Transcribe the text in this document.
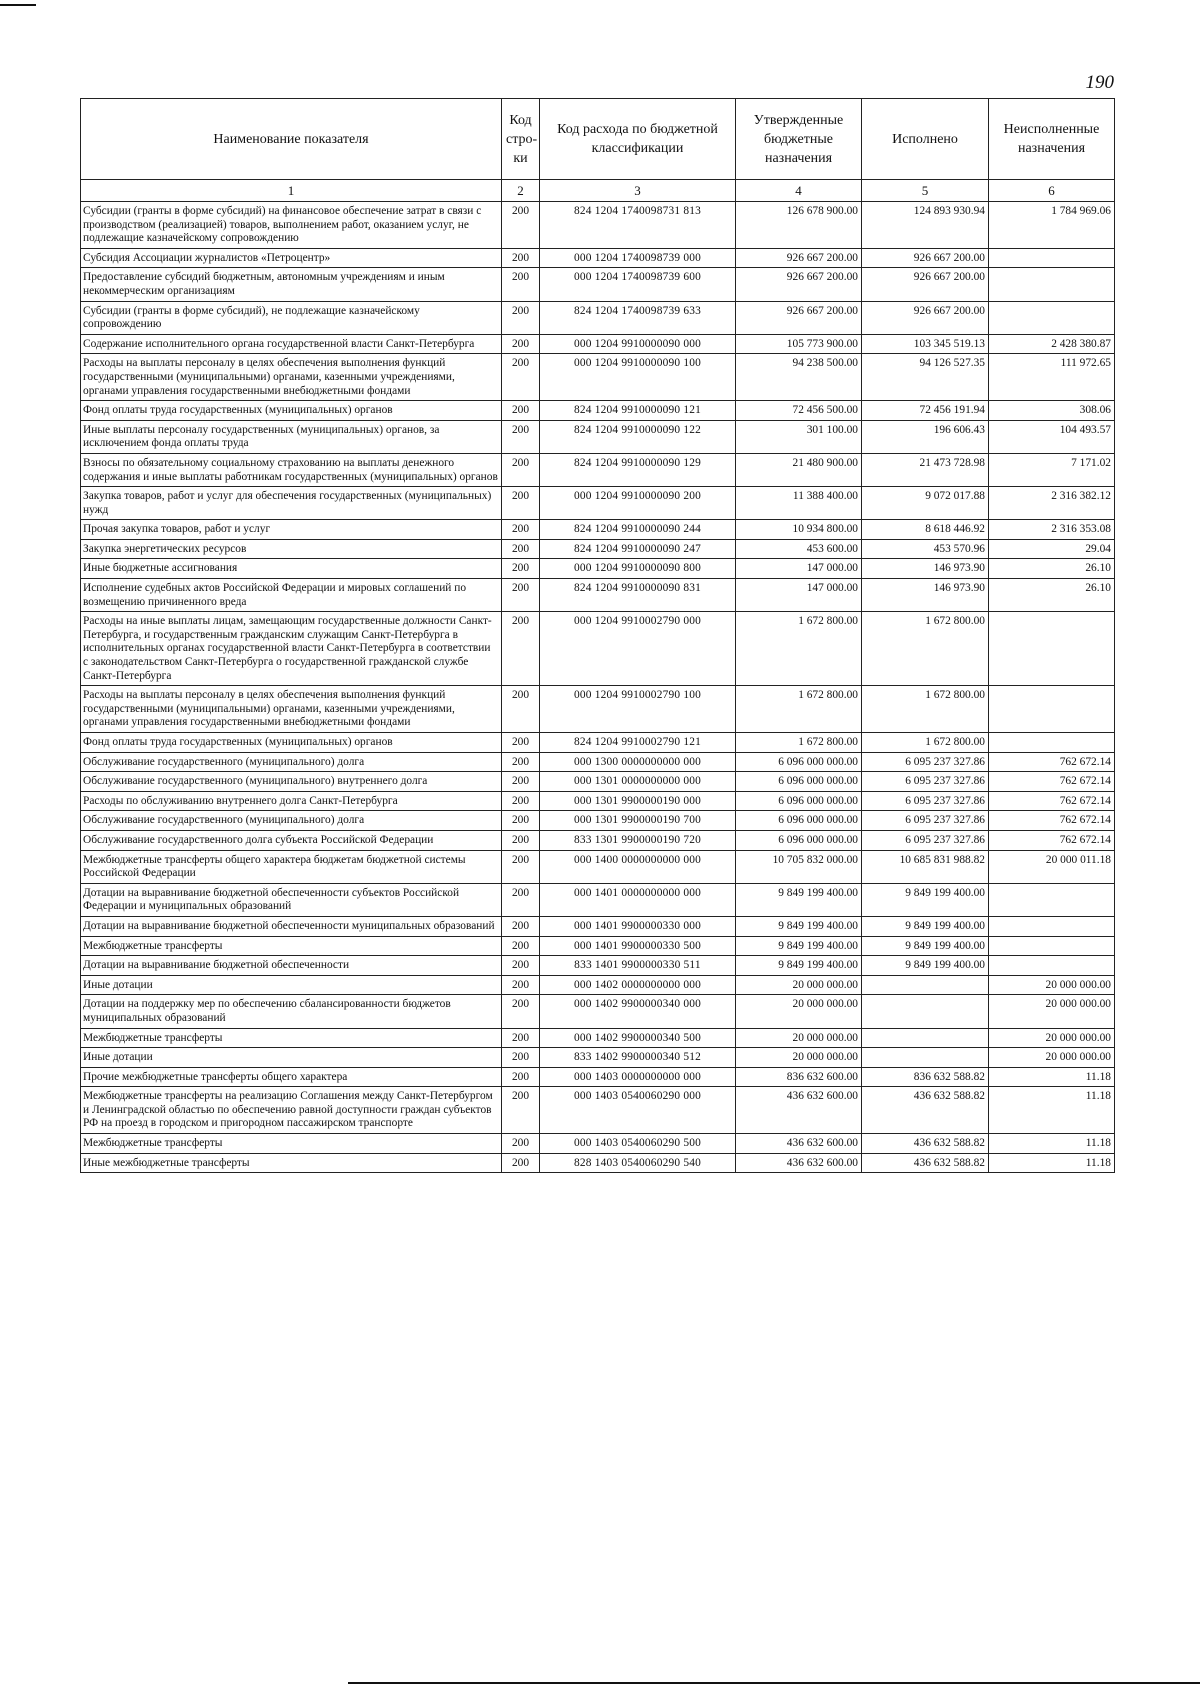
190
Наименование показателя	Код стро-ки	Код расхода по бюджетной классификации	Утвержденные бюджетные назначения	Исполнено	Неисполненные назначения
1	2	3	4	5	6
Субсидии (гранты в форме субсидий) на финансовое обеспечение затрат в связи с производством (реализацией) товаров, выполнением работ, оказанием услуг, не подлежащие казначейскому сопровождению	200	824 1204 1740098731 813	126 678 900.00	124 893 930.94	1 784 969.06
Субсидия Ассоциации журналистов «Петроцентр»	200	000 1204 1740098739 000	926 667 200.00	926 667 200.00	
Предоставление субсидий бюджетным, автономным учреждениям и иным некоммерческим организациям	200	000 1204 1740098739 600	926 667 200.00	926 667 200.00	
Субсидии (гранты в форме субсидий), не подлежащие казначейскому сопровождению	200	824 1204 1740098739 633	926 667 200.00	926 667 200.00	
Содержание исполнительного органа государственной власти Санкт-Петербурга	200	000 1204 9910000090 000	105 773 900.00	103 345 519.13	2 428 380.87
Расходы на выплаты персоналу в целях обеспечения выполнения функций государственными (муниципальными) органами, казенными учреждениями, органами управления государственными внебюджетными фондами	200	000 1204 9910000090 100	94 238 500.00	94 126 527.35	111 972.65
Фонд оплаты труда государственных (муниципальных) органов	200	824 1204 9910000090 121	72 456 500.00	72 456 191.94	308.06
Иные выплаты персоналу государственных (муниципальных) органов, за исключением фонда оплаты труда	200	824 1204 9910000090 122	301 100.00	196 606.43	104 493.57
Взносы по обязательному социальному страхованию на выплаты денежного содержания и иные выплаты работникам государственных (муниципальных) органов	200	824 1204 9910000090 129	21 480 900.00	21 473 728.98	7 171.02
Закупка товаров, работ и услуг для обеспечения государственных (муниципальных) нужд	200	000 1204 9910000090 200	11 388 400.00	9 072 017.88	2 316 382.12
Прочая закупка товаров, работ и услуг	200	824 1204 9910000090 244	10 934 800.00	8 618 446.92	2 316 353.08
Закупка энергетических ресурсов	200	824 1204 9910000090 247	453 600.00	453 570.96	29.04
Иные бюджетные ассигнования	200	000 1204 9910000090 800	147 000.00	146 973.90	26.10
Исполнение судебных актов Российской Федерации и мировых соглашений по возмещению причиненного вреда	200	824 1204 9910000090 831	147 000.00	146 973.90	26.10
Расходы на иные выплаты лицам, замещающим государственные должности Санкт-Петербурга, и государственным гражданским служащим Санкт-Петербурга в исполнительных органах государственной власти Санкт-Петербурга в соответствии с законодательством Санкт-Петербурга о государственной гражданской службе Санкт-Петербурга	200	000 1204 9910002790 000	1 672 800.00	1 672 800.00	
Расходы на выплаты персоналу в целях обеспечения выполнения функций государственными (муниципальными) органами, казенными учреждениями, органами управления государственными внебюджетными фондами	200	000 1204 9910002790 100	1 672 800.00	1 672 800.00	
Фонд оплаты труда государственных (муниципальных) органов	200	824 1204 9910002790 121	1 672 800.00	1 672 800.00	
Обслуживание государственного (муниципального) долга	200	000 1300 0000000000 000	6 096 000 000.00	6 095 237 327.86	762 672.14
Обслуживание государственного (муниципального) внутреннего долга	200	000 1301 0000000000 000	6 096 000 000.00	6 095 237 327.86	762 672.14
Расходы по обслуживанию внутреннего долга Санкт-Петербурга	200	000 1301 9900000190 000	6 096 000 000.00	6 095 237 327.86	762 672.14
Обслуживание государственного (муниципального) долга	200	000 1301 9900000190 700	6 096 000 000.00	6 095 237 327.86	762 672.14
Обслуживание государственного долга субъекта Российской Федерации	200	833 1301 9900000190 720	6 096 000 000.00	6 095 237 327.86	762 672.14
Межбюджетные трансферты общего характера бюджетам бюджетной системы Российской Федерации	200	000 1400 0000000000 000	10 705 832 000.00	10 685 831 988.82	20 000 011.18
Дотации на выравнивание бюджетной обеспеченности субъектов Российской Федерации и муниципальных образований	200	000 1401 0000000000 000	9 849 199 400.00	9 849 199 400.00	
Дотации на выравнивание бюджетной обеспеченности муниципальных образований	200	000 1401 9900000330 000	9 849 199 400.00	9 849 199 400.00	
Межбюджетные трансферты	200	000 1401 9900000330 500	9 849 199 400.00	9 849 199 400.00	
Дотации на выравнивание бюджетной обеспеченности	200	833 1401 9900000330 511	9 849 199 400.00	9 849 199 400.00	
Иные дотации	200	000 1402 0000000000 000	20 000 000.00		20 000 000.00
Дотации на поддержку мер по обеспечению сбалансированности бюджетов муниципальных образований	200	000 1402 9900000340 000	20 000 000.00		20 000 000.00
Межбюджетные трансферты	200	000 1402 9900000340 500	20 000 000.00		20 000 000.00
Иные дотации	200	833 1402 9900000340 512	20 000 000.00		20 000 000.00
Прочие межбюджетные трансферты общего характера	200	000 1403 0000000000 000	836 632 600.00	836 632 588.82	11.18
Межбюджетные трансферты на реализацию Соглашения между Санкт-Петербургом и Ленинградской областью по обеспечению равной доступности граждан субъектов РФ на проезд в городском и пригородном пассажирском транспорте	200	000 1403 0540060290 000	436 632 600.00	436 632 588.82	11.18
Межбюджетные трансферты	200	000 1403 0540060290 500	436 632 600.00	436 632 588.82	11.18
Иные межбюджетные трансферты	200	828 1403 0540060290 540	436 632 600.00	436 632 588.82	11.18
